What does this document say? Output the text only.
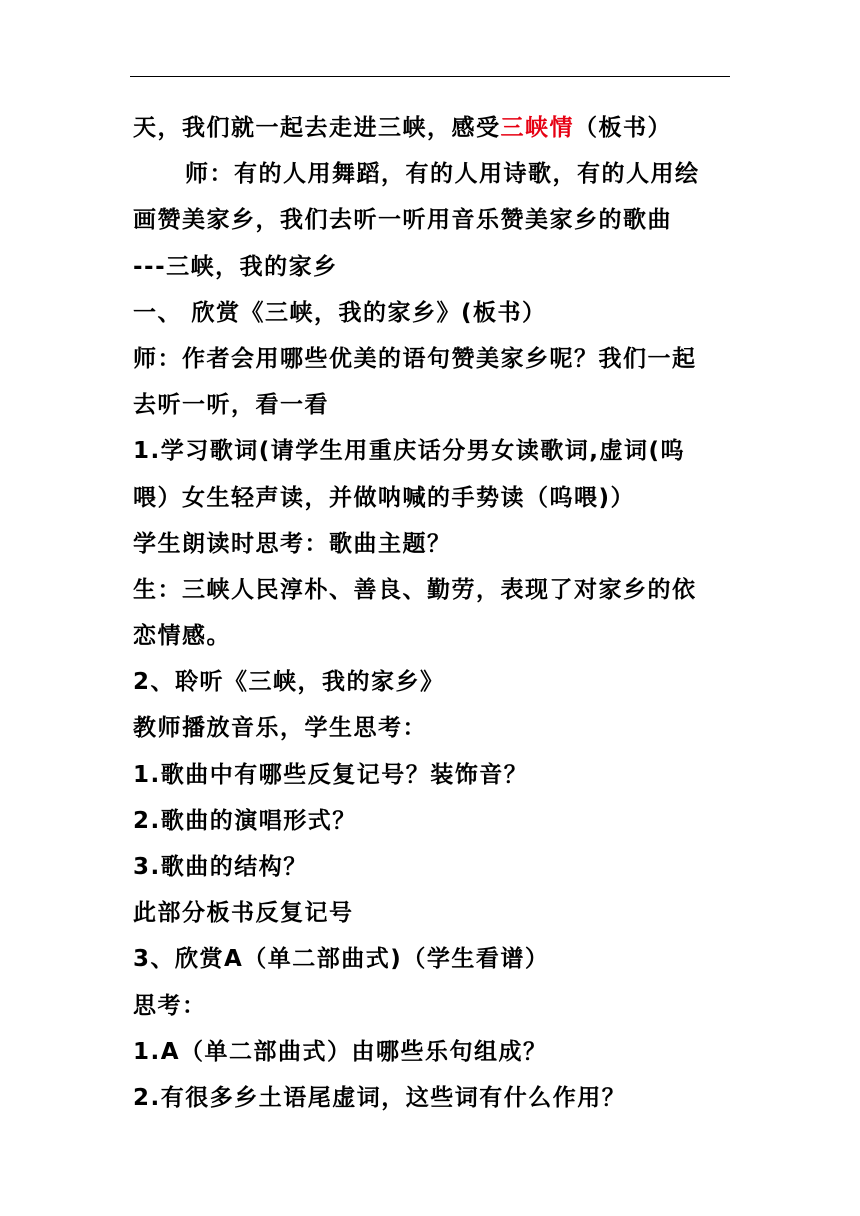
天，我们就一起去走进三峡，感受三峡情（板书）
师：有的人用舞蹈，有的人用诗歌，有的人用绘
画赞美家乡，我们去听一听用音乐赞美家乡的歌曲
---三峡，我的家乡
一、 欣赏《三峡，我的家乡》(板书）
师：作者会用哪些优美的语句赞美家乡呢？我们一起
去听一听，看一看
1.学习歌词(请学生用重庆话分男女读歌词,虚词(呜
喂）女生轻声读，并做呐喊的手势读（呜喂)）
学生朗读时思考：歌曲主题？
生：三峡人民淳朴、善良、勤劳，表现了对家乡的依
恋情感。
2、聆听《三峡，我的家乡》
教师播放音乐，学生思考：
1.歌曲中有哪些反复记号？装饰音？
2.歌曲的演唱形式？
3.歌曲的结构？
此部分板书反复记号
3、欣赏A（单二部曲式)（学生看谱）
思考：
1.A（单二部曲式）由哪些乐句组成？
2.有很多乡土语尾虚词，这些词有什么作用？
